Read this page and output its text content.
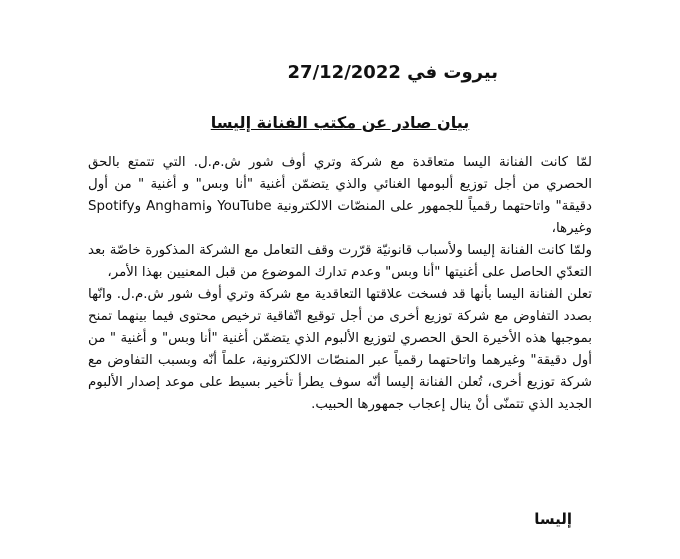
بيروت في 27/12/2022
بيان صادر عن مكتب الفنانة إليسا

لمّا كانت الفنانة اليسا متعاقدة مع شركة وتري أوف شور ش.م.ل. التي تتمتع بالحق الحصري من أجل توزيع ألبومها الغنائي والذي يتضمّن أغنية "أنا وبس" و أغنية " من أول دقيقة" واتاحتهما رقمياً للجمهور على المنصّات الالكترونية YouTube وAnghami وSpotify وغيرها،

ولمّا كانت الفنانة إليسا ولأسباب قانونيّة قرّرت وقف التعامل مع الشركة المذكورة خاصّة بعد التعدّي الحاصل على أغنيتها "أنا وبس" وعدم تدارك الموضوع من قبل المعنيين بهذا الأمر،

تعلن الفنانة اليسا بأنها قد فسخت علاقتها التعاقدية مع شركة وتري أوف شور ش.م.ل. وانّها بصدد التفاوض مع شركة توزيع أخرى من أجل توقيع اتّفاقية ترخيص محتوى فيما بينهما تمنح بموجبها هذه الأخيرة الحق الحصري لتوزيع الألبوم الذي يتضمّن أغنية "أنا وبس" و أغنية " من أول دقيقة" وغيرهما واتاحتهما رقمياً عبر المنصّات الالكترونية، علماً أنّه وبسبب التفاوض مع شركة توزيع أخرى، تُعلن الفنانة إليسا أنّه سوف يطرأ تأخير بسيط على موعد إصدار الألبوم الجديد الذي تتمنّى أنْ ينال إعجاب جمهورها الحبيب.

إليسا
